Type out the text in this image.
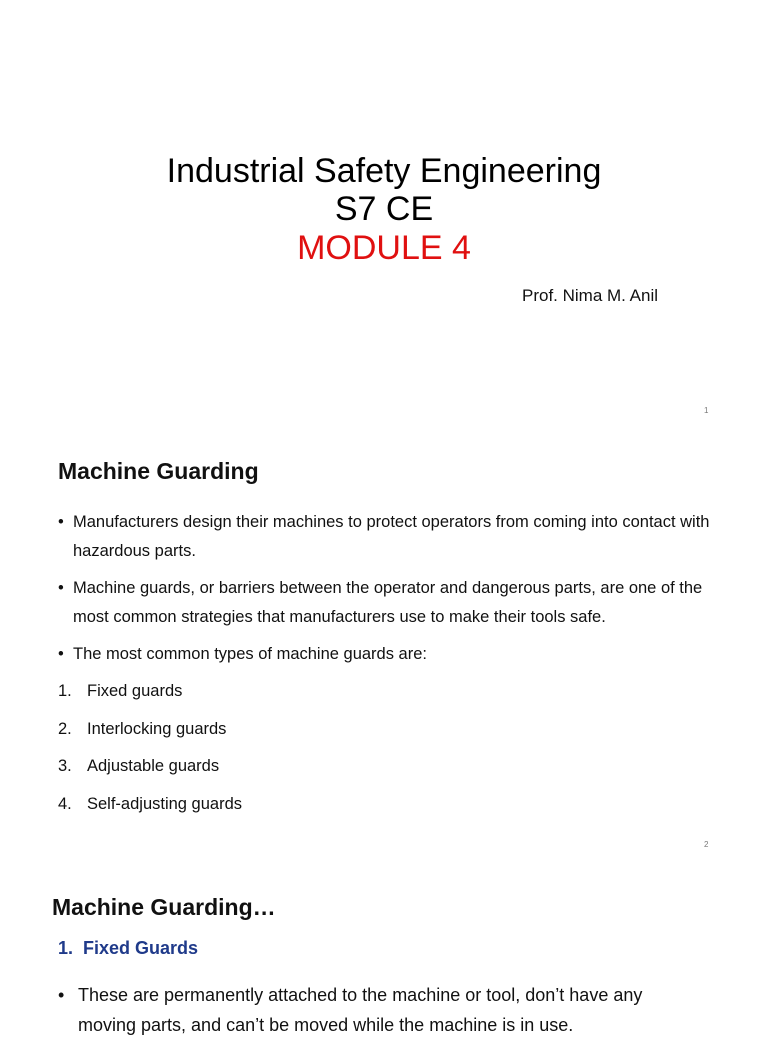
Industrial Safety Engineering
S7 CE
MODULE 4
Prof. Nima M. Anil
1
Machine Guarding
• Manufacturers design their machines to protect operators from coming into contact with hazardous parts.
• Machine guards, or barriers between the operator and dangerous parts, are one of the most common strategies that manufacturers use to make their tools safe.
• The most common types of machine guards are:
1. Fixed guards
2. Interlocking guards
3. Adjustable guards
4. Self-adjusting guards
2
Machine Guarding…
1. Fixed Guards
• These are permanently attached to the machine or tool, don’t have any
moving parts, and can’t be moved while the machine is in use.
